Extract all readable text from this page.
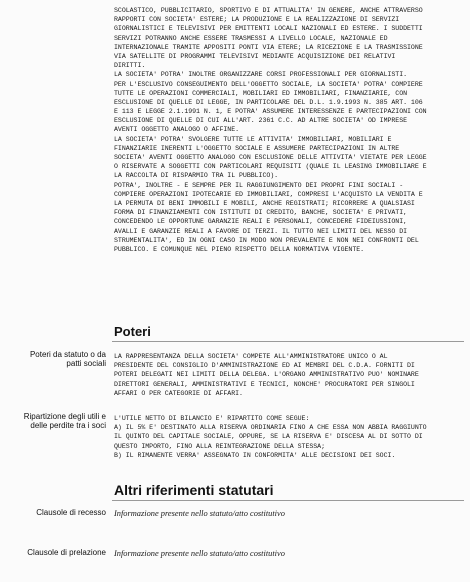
SCOLASTICO, PUBBLICITARIO, SPORTIVO E DI ATTUALITA' IN GENERE, ANCHE ATTRAVERSO
RAPPORTI CON SOCIETA' ESTERE; LA PRODUZIONE E LA REALIZZAZIONE DI SERVIZI
GIORNALISTICI E TELEVISIVI PER EMITTENTI LOCALI NAZIONALI ED ESTERE. I SUDDETTI
SERVIZI POTRANNO ANCHE ESSERE TRASMESSI A LIVELLO LOCALE, NAZIONALE ED
INTERNAZIONALE TRAMITE APPOSITI PONTI VIA ETERE; LA RICEZIONE E LA TRASMISSIONE
VIA SATELLITE DI PROGRAMMI TELEVISIVI MEDIANTE ACQUISIZIONE DEI RELATIVI
DIRITTI.
LA SOCIETA' POTRA' INOLTRE ORGANIZZARE CORSI PROFESSIONALI PER GIORNALISTI.
PER L'ESCLUSIVO CONSEGUIMENTO DELL'OGGETTO SOCIALE, LA SOCIETA' POTRA' COMPIERE
TUTTE LE OPERAZIONI COMMERCIALI, MOBILIARI ED IMMOBILIARI, FINANZIARIE, CON
ESCLUSIONE DI QUELLE DI LEGGE, IN PARTICOLARE DEL D.L. 1.9.1993 N. 385 ART. 106
E 113 E LEGGE 2.1.1991 N. 1, E POTRA' ASSUMERE INTERESSENZE E PARTECIPAZIONI CON
ESCLUSIONE DI QUELLE DI CUI ALL'ART. 2361 C.C. AD ALTRE SOCIETA' OD IMPRESE
AVENTI OGGETTO ANALOGO O AFFINE.
LA SOCIETA' POTRA' SVOLGERE TUTTE LE ATTIVITA' IMMOBILIARI, MOBILIARI E
FINANZIARIE INERENTI L'OGGETTO SOCIALE E ASSUMERE PARTECIPAZIONI IN ALTRE
SOCIETA' AVENTI OGGETTO ANALOGO CON ESCLUSIONE DELLE ATTIVITA' VIETATE PER LEGGE
O RISERVATE A SOGGETTI CON PARTICOLARI REQUISITI (QUALE IL LEASING IMMOBILIARE E
LA RACCOLTA DI RISPARMIO TRA IL PUBBLICO).
POTRA', INOLTRE - E SEMPRE PER IL RAGGIUNGIMENTO DEI PROPRI FINI SOCIALI -
COMPIERE OPERAZIONI IPOTECARIE ED IMMOBILIARI, COMPRESI L'ACQUISTO LA VENDITA E
LA PERMUTA DI BENI IMMOBILI E MOBILI, ANCHE REGISTRATI; RICORRERE A QUALSIASI
FORMA DI FINANZIAMENTI CON ISTITUTI DI CREDITO, BANCHE, SOCIETA' E PRIVATI,
CONCEDENDO LE OPPORTUNE GARANZIE REALI E PERSONALI, CONCEDERE FIDEIUSSIONI,
AVALLI E GARANZIE REALI A FAVORE DI TERZI. IL TUTTO NEI LIMITI DEL NESSO DI
STRUMENTALITA', ED IN OGNI CASO IN MODO NON PREVALENTE E NON NEI CONFRONTI DEL
PUBBLICO. E COMUNQUE NEL PIENO RISPETTO DELLA NORMATIVA VIGENTE.
Poteri
Poteri da statuto o da
patti sociali
LA RAPPRESENTANZA DELLA SOCIETA' COMPETE ALL'AMMINISTRATORE UNICO O AL
PRESIDENTE DEL CONSIGLIO D'AMMINISTRAZIONE ED AI MEMBRI DEL C.D.A. FORNITI DI
POTERI DELEGATI NEI LIMITI DELLA DELEGA. L'ORGANO AMMINISTRATIVO PUO' NOMINARE
DIRETTORI GENERALI, AMMINISTRATIVI E TECNICI, NONCHE' PROCURATORI PER SINGOLI
AFFARI O PER CATEGORIE DI AFFARI.
Ripartizione degli utili e
delle perdite tra i soci
L'UTILE NETTO DI BILANCIO E' RIPARTITO COME SEGUE:
A) IL 5% E' DESTINATO ALLA RISERVA ORDINARIA FINO A CHE ESSA NON ABBIA RAGGIUNTO
IL QUINTO DEL CAPITALE SOCIALE, OPPURE, SE LA RISERVA E' DISCESA AL DI SOTTO DI
QUESTO IMPORTO, FINO ALLA REINTEGRAZIONE DELLA STESSA;
B) IL RIMANENTE VERRA' ASSEGNATO IN CONFORMITA' ALLE DECISIONI DEI SOCI.
Altri riferimenti statutari
Clausole di recesso Informazione presente nello statuto/atto costitutivo
Clausole di prelazione Informazione presente nello statuto/atto costitutivo
